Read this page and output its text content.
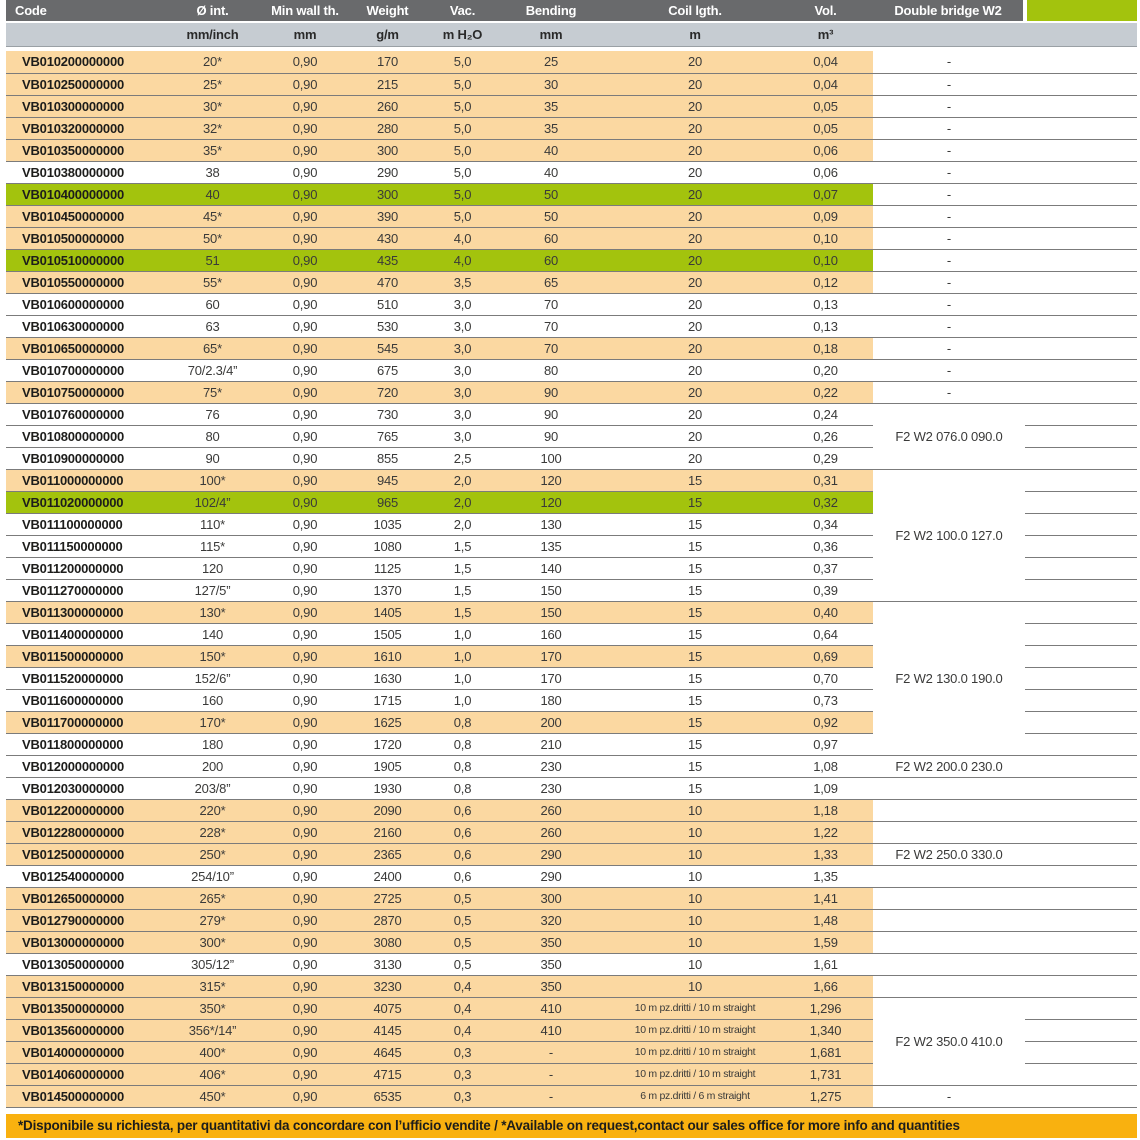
Code	Ø int.	Min wall th.	Weight	Vac.	Bending	Coil lgth.	Vol.	Double bridge W2	
	mm/inch	mm	g/m	m H₂O	mm	m	m³		

VB010200000000	20*	0,90	170	5,0	25	20	0,04	-	
VB010250000000	25*	0,90	215	5,0	30	20	0,04	-	
VB010300000000	30*	0,90	260	5,0	35	20	0,05	-	
VB010320000000	32*	0,90	280	5,0	35	20	0,05	-	
VB010350000000	35*	0,90	300	5,0	40	20	0,06	-	
VB010380000000	38	0,90	290	5,0	40	20	0,06	-	
VB010400000000	40	0,90	300	5,0	50	20	0,07	-	
VB010450000000	45*	0,90	390	5,0	50	20	0,09	-	
VB010500000000	50*	0,90	430	4,0	60	20	0,10	-	
VB010510000000	51	0,90	435	4,0	60	20	0,10	-	
VB010550000000	55*	0,90	470	3,5	65	20	0,12	-	
VB010600000000	60	0,90	510	3,0	70	20	0,13	-	
VB010630000000	63	0,90	530	3,0	70	20	0,13	-	
VB010650000000	65*	0,90	545	3,0	70	20	0,18	-	
VB010700000000	70/2.3/4”	0,90	675	3,0	80	20	0,20	-	
VB010750000000	75*	0,90	720	3,0	90	20	0,22	-	
VB010760000000	76	0,90	730	3,0	90	20	0,24	F2 W2 076.0 090.0	
VB010800000000	80	0,90	765	3,0	90	20	0,26		
VB010900000000	90	0,90	855	2,5	100	20	0,29		
VB011000000000	100*	0,90	945	2,0	120	15	0,31	F2 W2 100.0 127.0	
VB011020000000	102/4”	0,90	965	2,0	120	15	0,32		
VB011100000000	110*	0,90	1035	2,0	130	15	0,34		
VB011150000000	115*	0,90	1080	1,5	135	15	0,36		
VB011200000000	120	0,90	1125	1,5	140	15	0,37		
VB011270000000	127/5”	0,90	1370	1,5	150	15	0,39		
VB011300000000	130*	0,90	1405	1,5	150	15	0,40	F2 W2 130.0 190.0	
VB011400000000	140	0,90	1505	1,0	160	15	0,64		
VB011500000000	150*	0,90	1610	1,0	170	15	0,69		
VB011520000000	152/6”	0,90	1630	1,0	170	15	0,70		
VB011600000000	160	0,90	1715	1,0	180	15	0,73		
VB011700000000	170*	0,90	1625	0,8	200	15	0,92		
VB011800000000	180	0,90	1720	0,8	210	15	0,97		
VB012000000000	200	0,90	1905	0,8	230	15	1,08	F2 W2 200.0 230.0	
VB012030000000	203/8”	0,90	1930	0,8	230	15	1,09		
VB012200000000	220*	0,90	2090	0,6	260	10	1,18		
VB012280000000	228*	0,90	2160	0,6	260	10	1,22		
VB012500000000	250*	0,90	2365	0,6	290	10	1,33	F2 W2 250.0 330.0	
VB012540000000	254/10”	0,90	2400	0,6	290	10	1,35		
VB012650000000	265*	0,90	2725	0,5	300	10	1,41		
VB012790000000	279*	0,90	2870	0,5	320	10	1,48		
VB013000000000	300*	0,90	3080	0,5	350	10	1,59		
VB013050000000	305/12”	0,90	3130	0,5	350	10	1,61		
VB013150000000	315*	0,90	3230	0,4	350	10	1,66		
VB013500000000	350*	0,90	4075	0,4	410	10 m pz.dritti / 10 m straight	1,296	F2 W2 350.0 410.0	
VB013560000000	356*/14”	0,90	4145	0,4	410	10 m pz.dritti / 10 m straight	1,340		
VB014000000000	400*	0,90	4645	0,3	-	10 m pz.dritti / 10 m straight	1,681		
VB014060000000	406*	0,90	4715	0,3	-	10 m pz.dritti / 10 m straight	1,731		
VB014500000000	450*	0,90	6535	0,3	-	6 m pz.dritti / 6 m straight	1,275	-	
*Disponibile su richiesta, per quantitativi da concordare con l’ufficio vendite / *Available on request,contact our sales office for more info and quantities
